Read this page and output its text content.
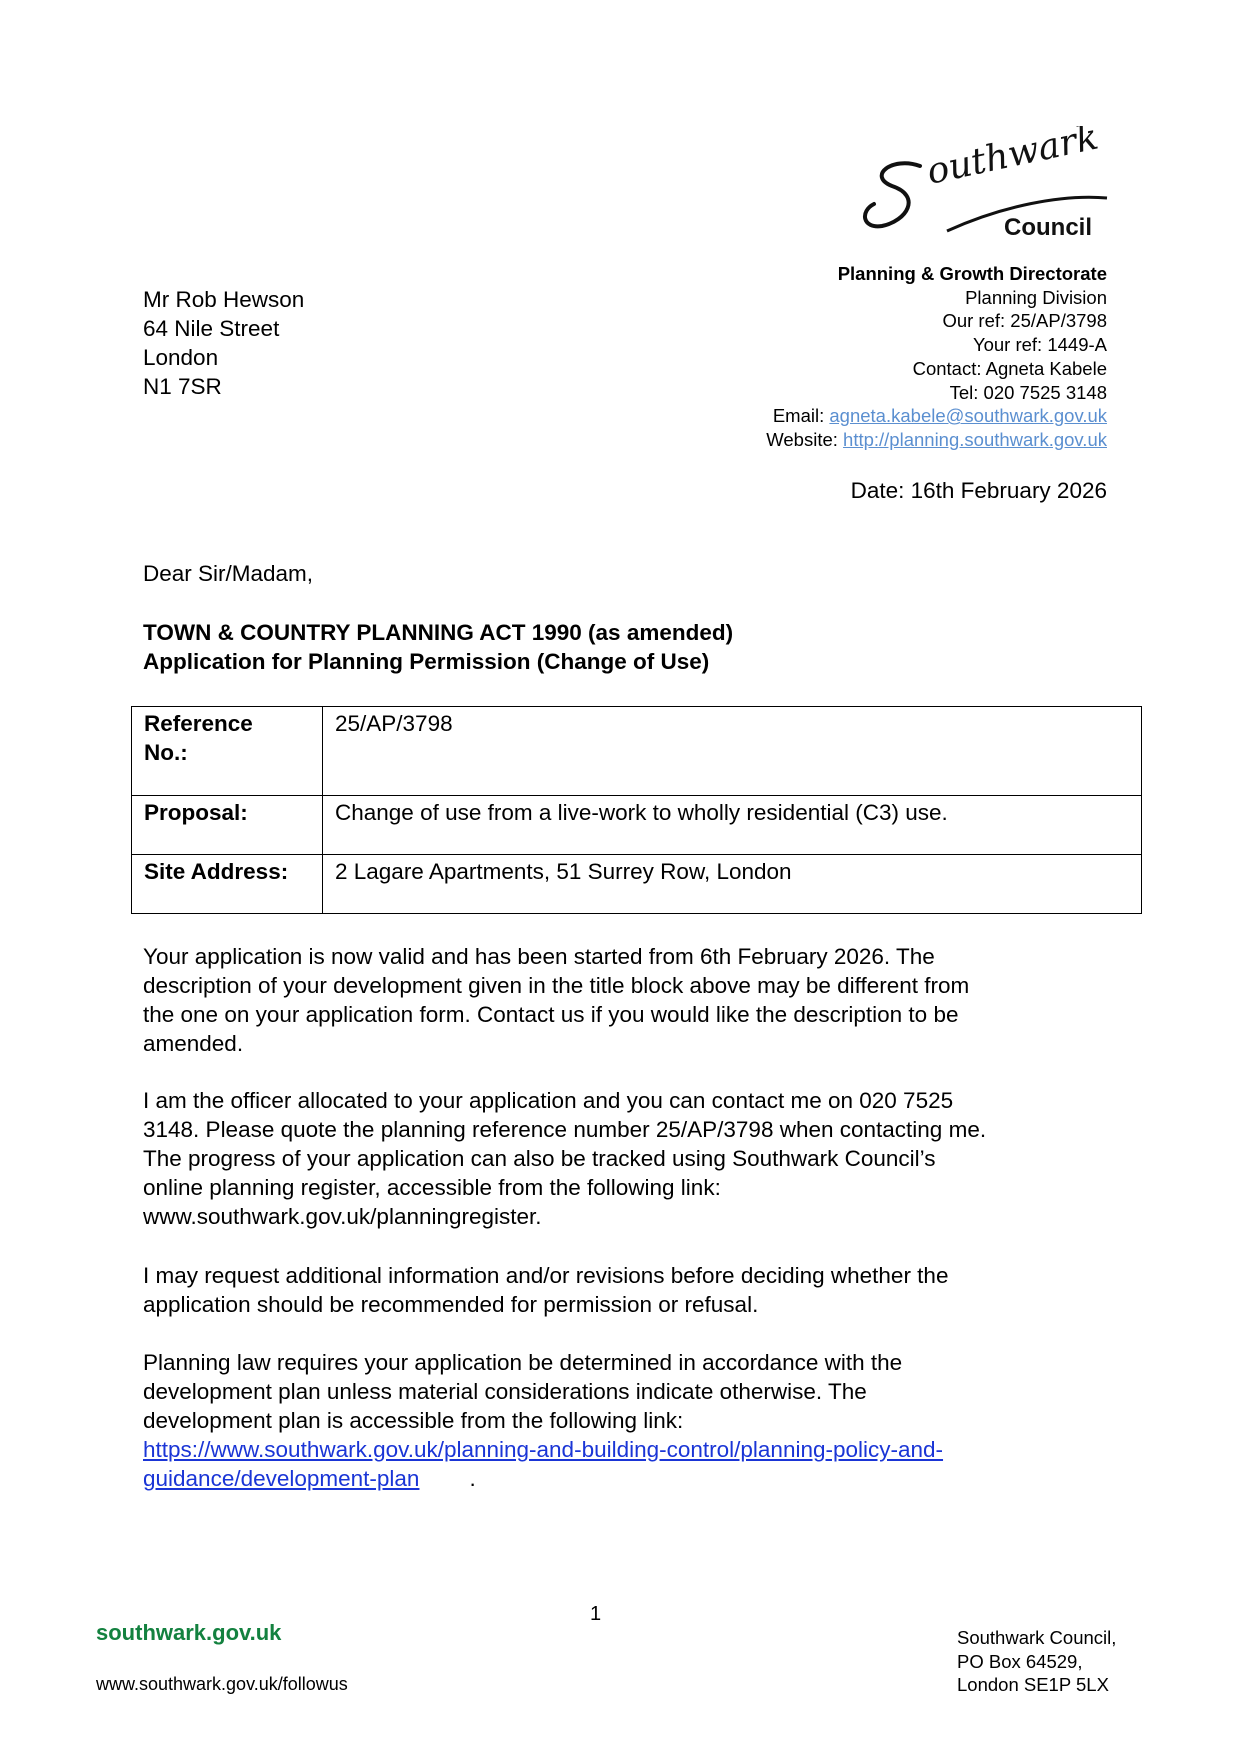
outhwark
Council
Planning & Growth Directorate
Planning Division
Our ref: 25/AP/3798
Your ref: 1449-A
Contact: Agneta Kabele
Tel: 020 7525 3148
Email: agneta.kabele@southwark.gov.uk
Website: http://planning.southwark.gov.uk
Mr Rob Hewson
64 Nile Street
London
N1 7SR
Date: 16th February 2026
Dear Sir/Madam,
TOWN & COUNTRY PLANNING ACT 1990 (as amended)
Application for Planning Permission (Change of Use)
Reference
No.:	25/AP/3798
Proposal:	Change of use from a live-work to wholly residential (C3) use.
Site Address:	2 Lagare Apartments, 51 Surrey Row, London
Your application is now valid and has been started from 6th February 2026. The
description of your development given in the title block above may be different from
the one on your application form. Contact us if you would like the description to be
amended.
I am the officer allocated to your application and you can contact me on 020 7525
3148. Please quote the planning reference number 25/AP/3798 when contacting me.
The progress of your application can also be tracked using Southwark Council’s
online planning register, accessible from the following link:
www.southwark.gov.uk/planningregister.
I may request additional information and/or revisions before deciding whether the
application should be recommended for permission or refusal.
Planning law requires your application be determined in accordance with the
development plan unless material considerations indicate otherwise. The
development plan is accessible from the following link:
https://www.southwark.gov.uk/planning-and-building-control/planning-policy-and-
guidance/development-plan .
1
southwark.gov.uk
www.southwark.gov.uk/followus
Southwark Council,
PO Box 64529,
London SE1P 5LX
